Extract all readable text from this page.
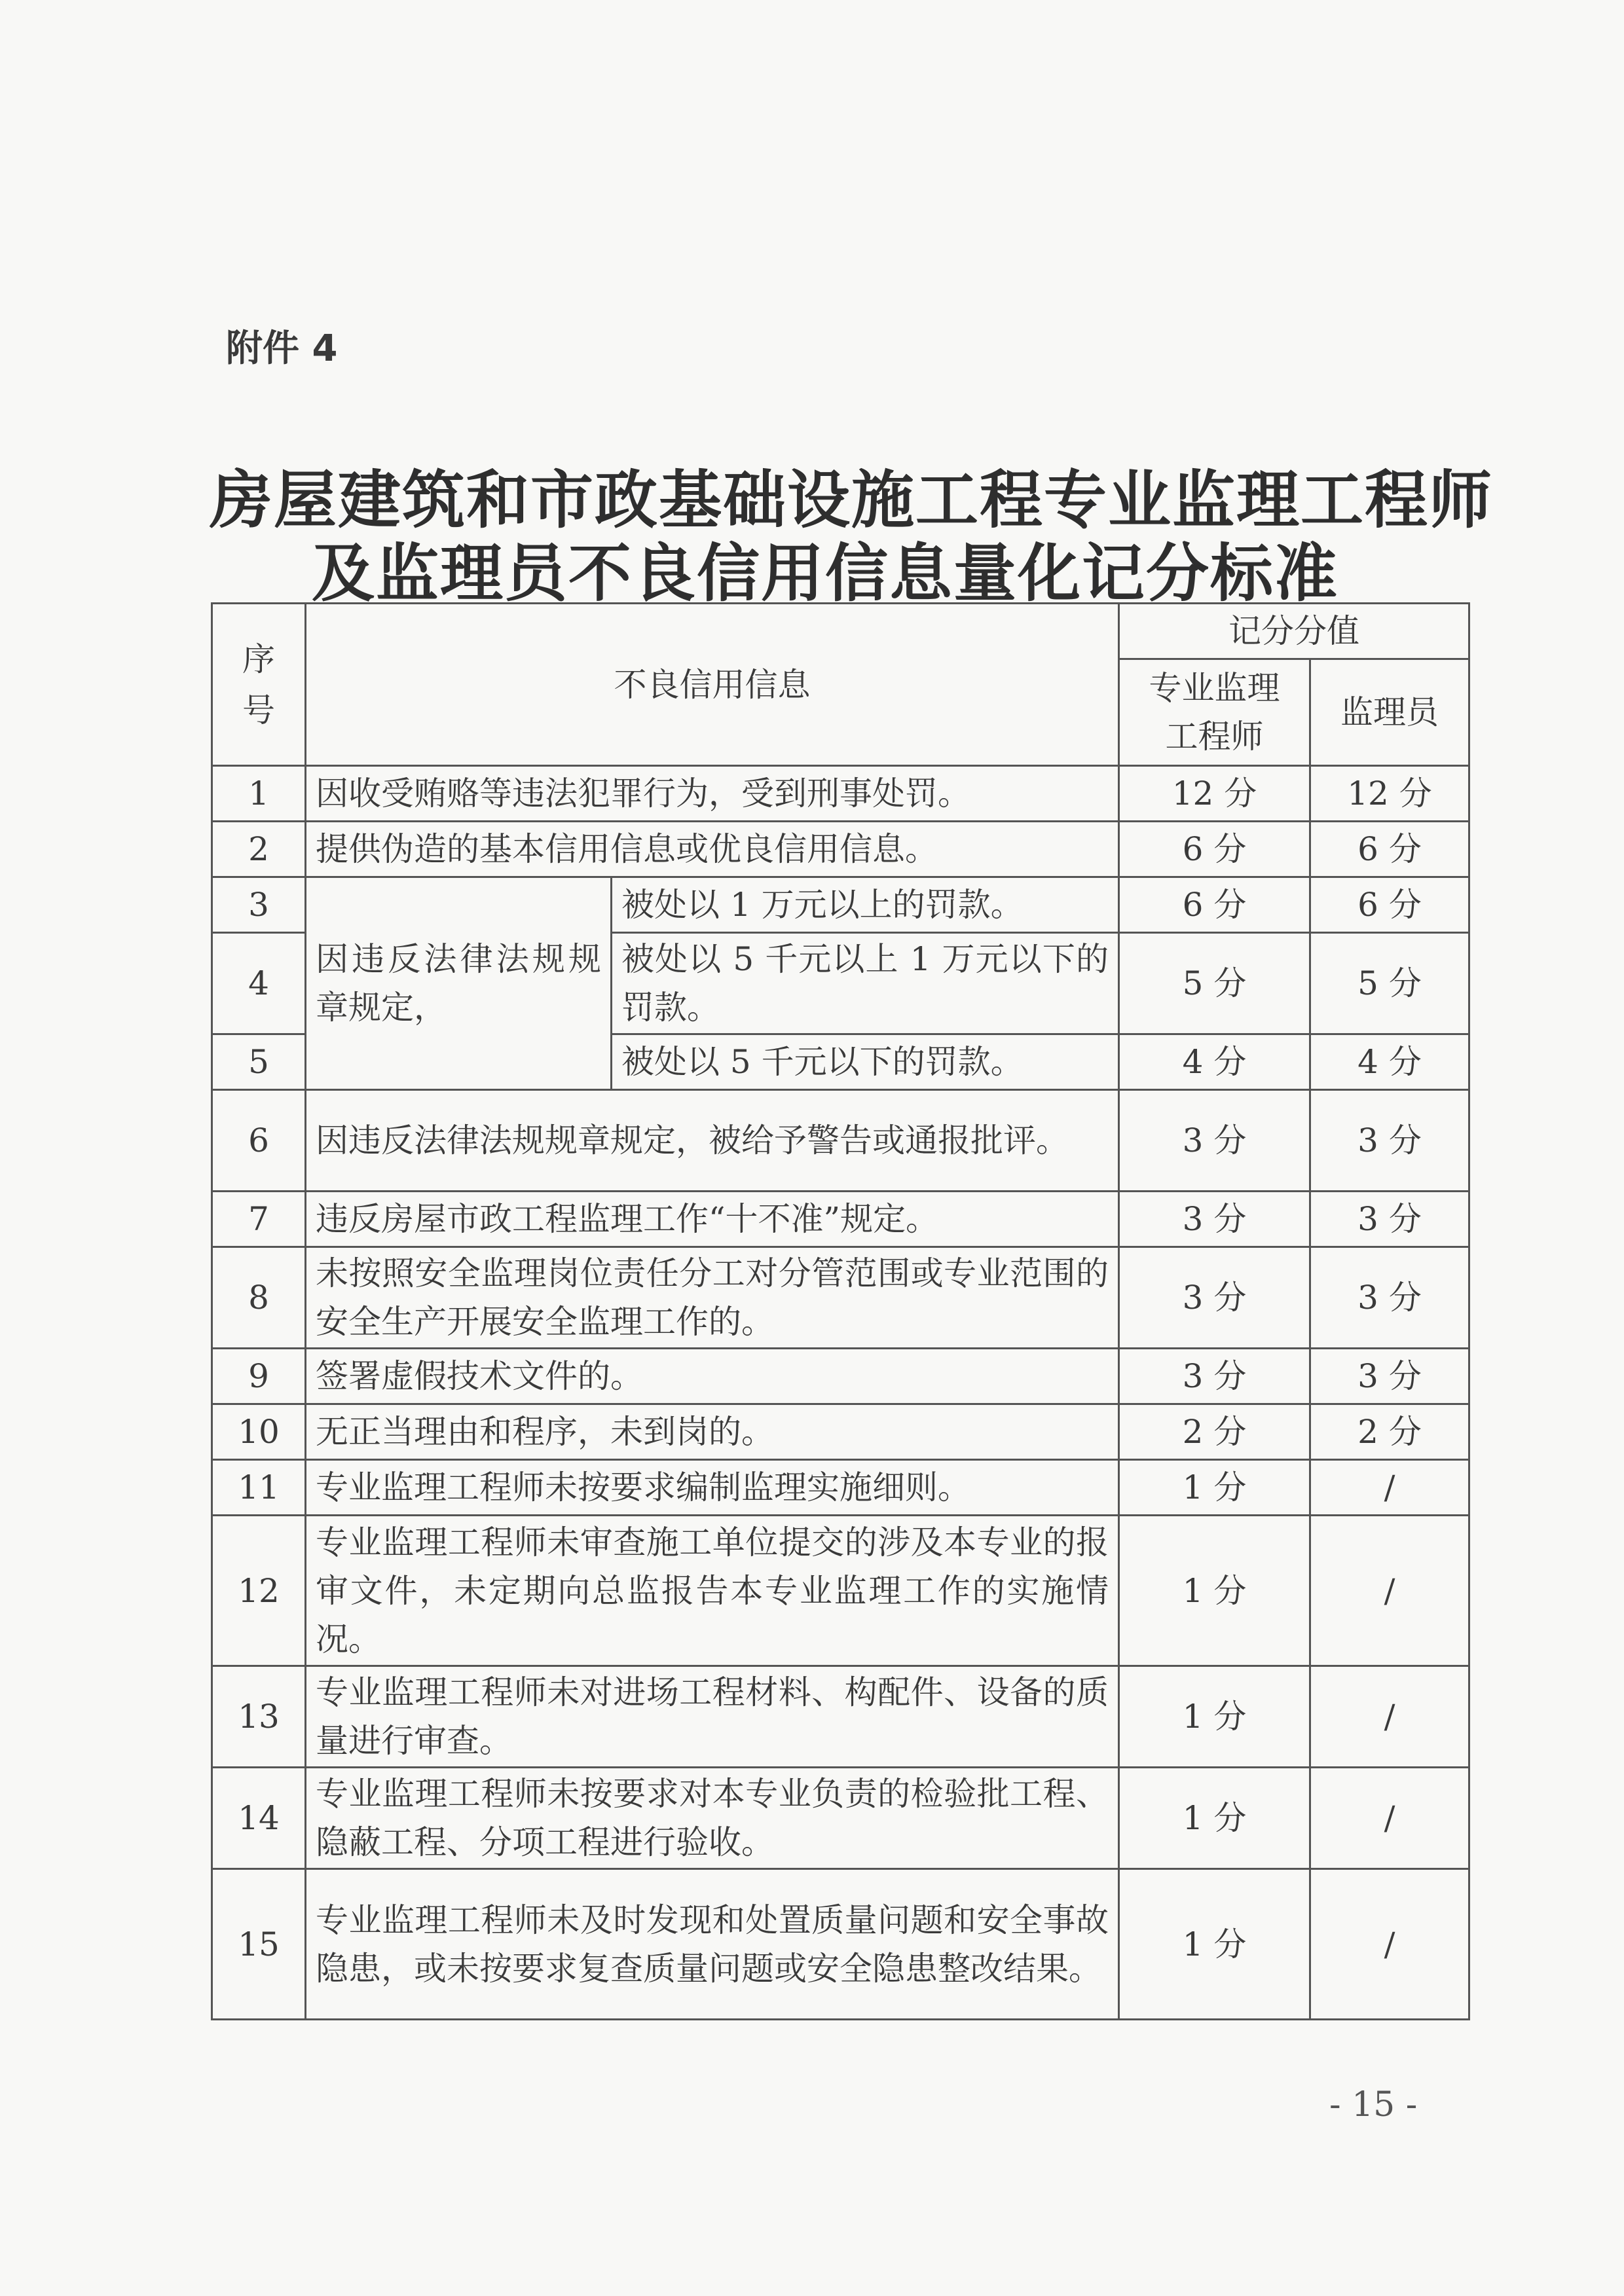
附件 4
房屋建筑和市政基础设施工程专业监理工程师
及监理员不良信用信息量化记分标准
序号	不良信用信息		记分分值	
			专业监理工程师	监理员
1	因收受贿赂等违法犯罪行为，受到刑事处罚。		12 分	12 分
2	提供伪造的基本信用信息或优良信用信息。		6 分	6 分
3	因违反法律法规规章规定，	被处以 1 万元以上的罚款。	6 分	6 分
4		被处以 5 千元以上 1 万元以下的罚款。	5 分	5 分
5		被处以 5 千元以下的罚款。	4 分	4 分
6	因违反法律法规规章规定，被给予警告或通报批评。		3 分	3 分
7	违反房屋市政工程监理工作“十不准”规定。		3 分	3 分
8	未按照安全监理岗位责任分工对分管范围或专业范围的安全生产开展安全监理工作的。		3 分	3 分
9	签署虚假技术文件的。		3 分	3 分
10	无正当理由和程序，未到岗的。		2 分	2 分
11	专业监理工程师未按要求编制监理实施细则。		1 分	/
12	专业监理工程师未审查施工单位提交的涉及本专业的报审文件，未定期向总监报告本专业监理工作的实施情况。		1 分	/
13	专业监理工程师未对进场工程材料、构配件、设备的质量进行审查。		1 分	/
14	专业监理工程师未按要求对本专业负责的检验批工程、隐蔽工程、分项工程进行验收。		1 分	/
15	专业监理工程师未及时发现和处置质量问题和安全事故隐患，或未按要求复查质量问题或安全隐患整改结果。		1 分	/
- 15 -
